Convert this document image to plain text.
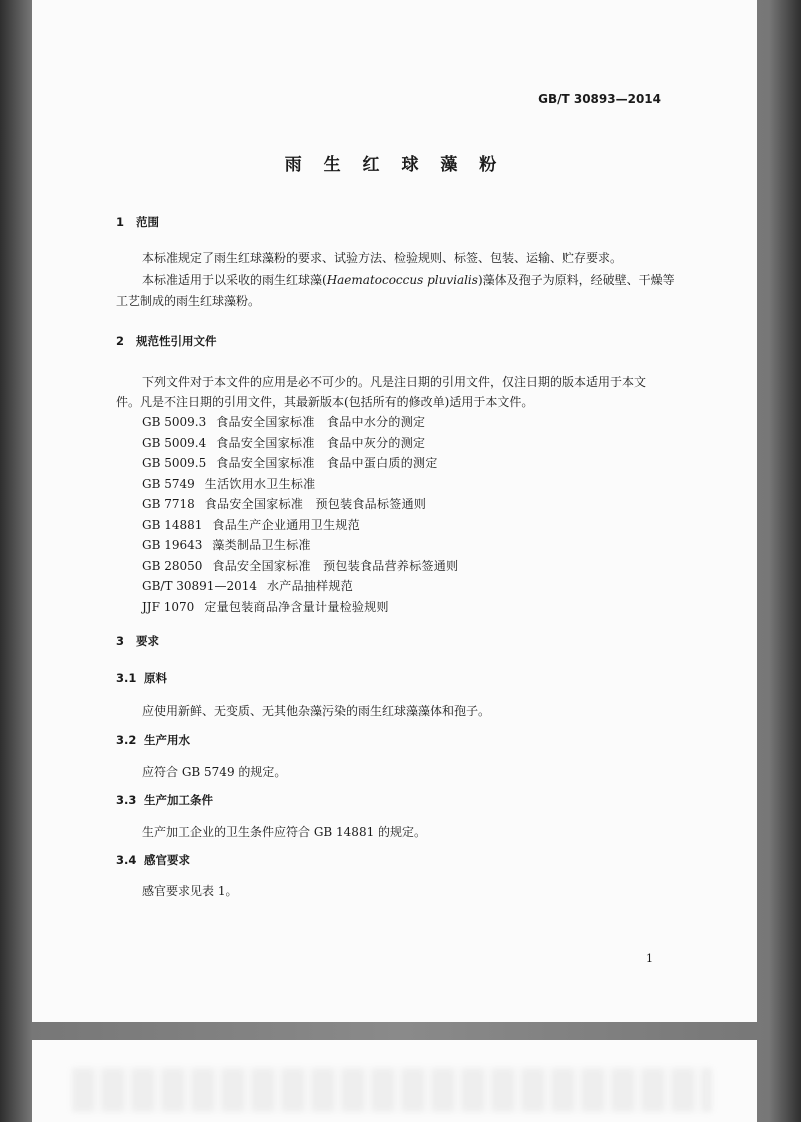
GB/T 30893—2014
雨 生 红 球 藻 粉
1 范围
本标准规定了雨生红球藻粉的要求、试验方法、检验规则、标签、包装、运输、贮存要求。
本标准适用于以采收的雨生红球藻(Haematococcus pluvialis)藻体及孢子为原料，经破壁、干燥等
工艺制成的雨生红球藻粉。
2 规范性引用文件
下列文件对于本文件的应用是必不可少的。凡是注日期的引用文件，仅注日期的版本适用于本文
件。凡是不注日期的引用文件，其最新版本(包括所有的修改单)适用于本文件。
GB 5009.3 食品安全国家标准　食品中水分的测定
GB 5009.4 食品安全国家标准　食品中灰分的测定
GB 5009.5 食品安全国家标准　食品中蛋白质的测定
GB 5749 生活饮用水卫生标准
GB 7718 食品安全国家标准　预包装食品标签通则
GB 14881 食品生产企业通用卫生规范
GB 19643 藻类制品卫生标准
GB 28050 食品安全国家标准　预包装食品营养标签通则
GB/T 30891—2014 水产品抽样规范
JJF 1070 定量包装商品净含量计量检验规则
3 要求
3.1 原料
应使用新鲜、无变质、无其他杂藻污染的雨生红球藻藻体和孢子。
3.2 生产用水
应符合 GB 5749 的规定。
3.3 生产加工条件
生产加工企业的卫生条件应符合 GB 14881 的规定。
3.4 感官要求
感官要求见表 1。
1
